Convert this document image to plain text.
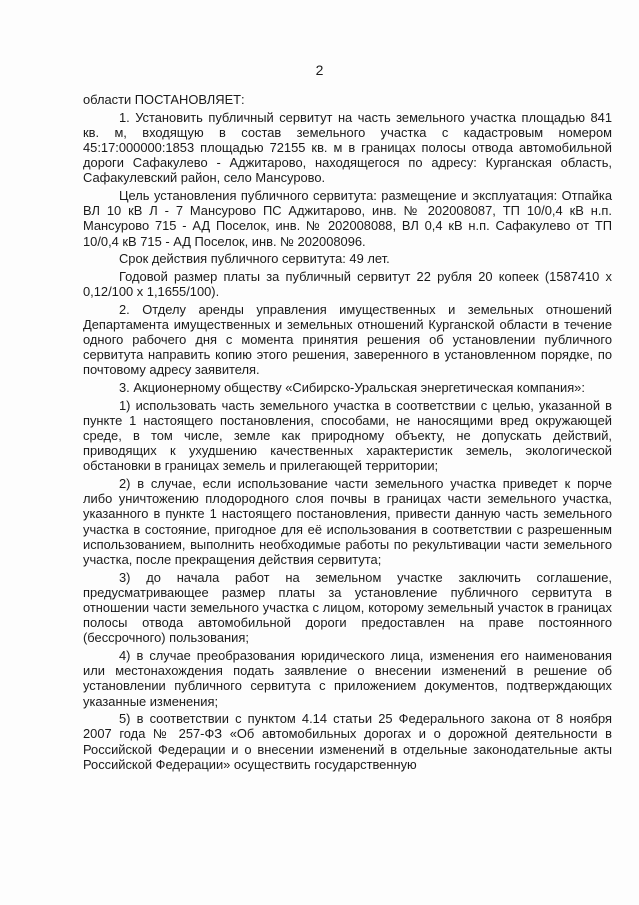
2

области ПОСТАНОВЛЯЕТ:

1. Установить публичный сервитут на часть земельного участка площадью 841 кв. м, входящую в состав земельного участка с кадастровым номером 45:17:000000:1853 площадью 72155 кв. м в границах полосы отвода автомобильной дороги Сафакулево - Аджитарово, находящегося по адресу: Курганская область, Сафакулевский район, село Мансурово.

Цель установления публичного сервитута: размещение и эксплуатация: Отпайка ВЛ 10 кВ Л - 7 Мансурово ПС Аджитарово, инв. № 202008087, ТП 10/0,4 кВ н.п. Мансурово 715 - АД Поселок, инв. № 202008088, ВЛ 0,4 кВ н.п. Сафакулево от ТП 10/0,4 кВ 715 - АД Поселок, инв. № 202008096.

Срок действия публичного сервитута: 49 лет.

Годовой размер платы за публичный сервитут 22 рубля 20 копеек (1587410 х 0,12/100 х 1,1655/100).

2. Отделу аренды управления имущественных и земельных отношений Департамента имущественных и земельных отношений Курганской области в течение одного рабочего дня с момента принятия решения об установлении публичного сервитута направить копию этого решения, заверенного в установленном порядке, по почтовому адресу заявителя.

3. Акционерному обществу «Сибирско-Уральская энергетическая компания»:

1) использовать часть земельного участка в соответствии с целью, указанной в пункте 1 настоящего постановления, способами, не наносящими вред окружающей среде, в том числе, земле как природному объекту, не допускать действий, приводящих к ухудшению качественных характеристик земель, экологической обстановки в границах земель и прилегающей территории;

2) в случае, если использование части земельного участка приведет к порче либо уничтожению плодородного слоя почвы в границах части земельного участка, указанного в пункте 1 настоящего постановления, привести данную часть земельного участка в состояние, пригодное для её использования в соответствии с разрешенным использованием, выполнить необходимые работы по рекультивации части земельного участка, после прекращения действия сервитута;

3) до начала работ на земельном участке заключить соглашение, предусматривающее размер платы за установление публичного сервитута в отношении части земельного участка с лицом, которому земельный участок в границах полосы отвода автомобильной дороги предоставлен на праве постоянного (бессрочного) пользования;

4) в случае преобразования юридического лица, изменения его наименования или местонахождения подать заявление о внесении изменений в решение об установлении публичного сервитута с приложением документов, подтверждающих указанные изменения;

5) в соответствии с пунктом 4.14 статьи 25 Федерального закона от 8 ноября 2007 года № 257-ФЗ «Об автомобильных дорогах и о дорожной деятельности в Российской Федерации и о внесении изменений в отдельные законодательные акты Российской Федерации» осуществить государственную
